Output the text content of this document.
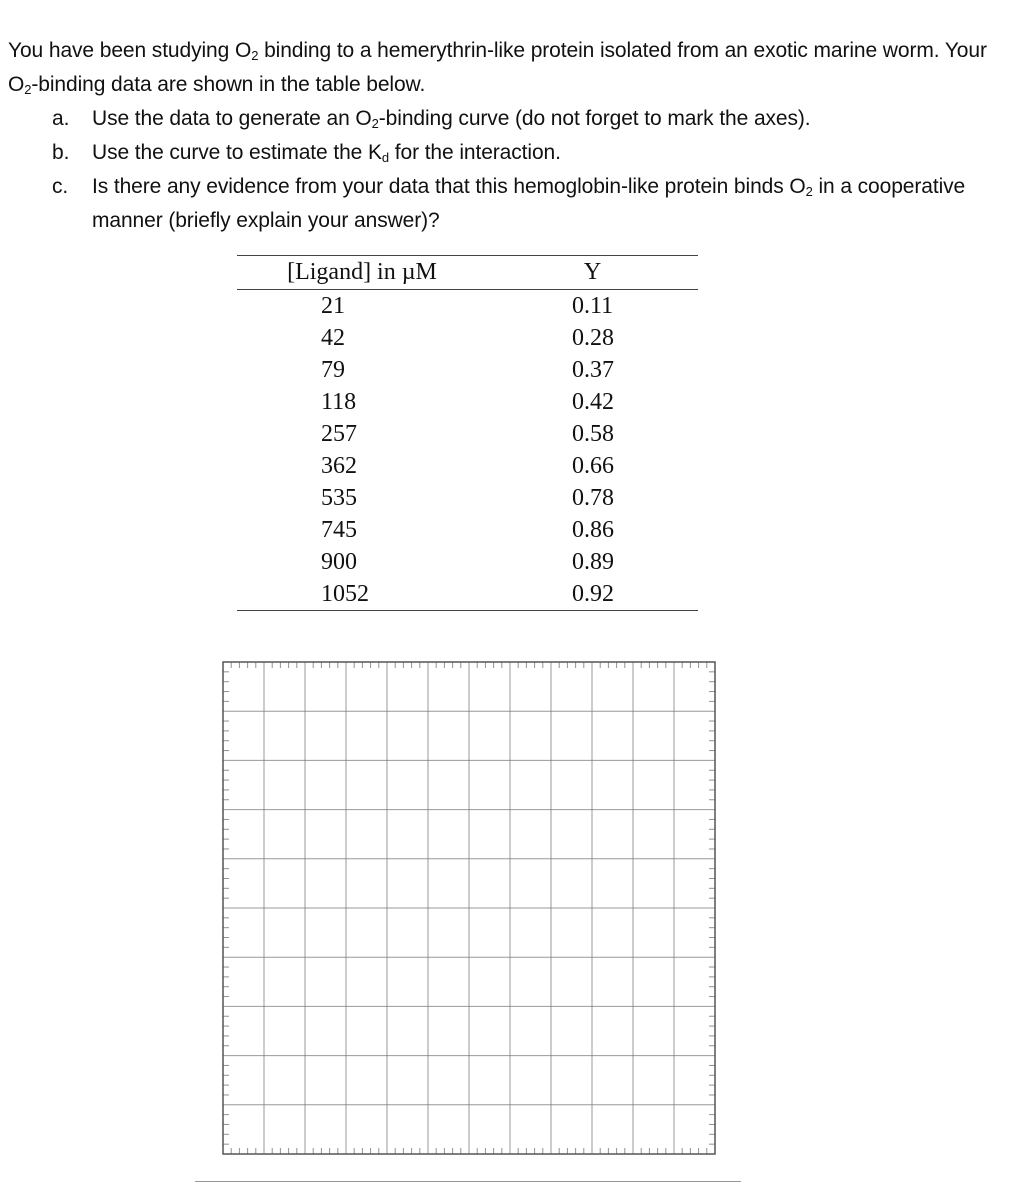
You have been studying $O_2$ binding to a hemerythrin-like protein isolated from an exotic marine worm. Your $O_2$-binding data are shown in the table below.

a. Use the data to generate an $O_2$-binding curve (do not forget to mark the axes).
b. Use the curve to estimate the $K_d$ for the interaction.
c. Is there any evidence from your data that this hemoglobin-like protein binds $O_2$ in a cooperative manner (briefly explain your answer)?
[Ligand] in µM	Y
21	0.11
42	0.28
79	0.37
118	0.42
257	0.58
362	0.66
535	0.78
745	0.86
900	0.89
1052	0.92
